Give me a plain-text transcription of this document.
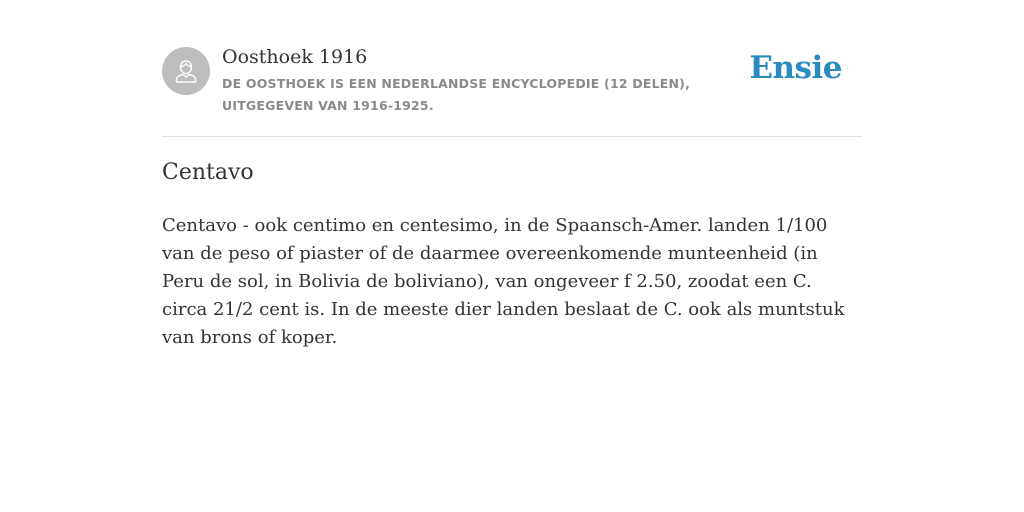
Oosthoek 1916
DE OOSTHOEK IS EEN NEDERLANDSE ENCYCLOPEDIE (12 DELEN), UITGEGEVEN VAN 1916-1925.
Ensie
Centavo

Centavo - ook centimo en centesimo, in de Spaansch-Amer. landen 1/100 van de peso of piaster of de daarmee overeenkomende munteenheid (in Peru de sol, in Bolivia de boliviano), van ongeveer f 2.50, zoodat een C. circa 21/2 cent is. In de meeste dier landen beslaat de C. ook als muntstuk van brons of koper.
